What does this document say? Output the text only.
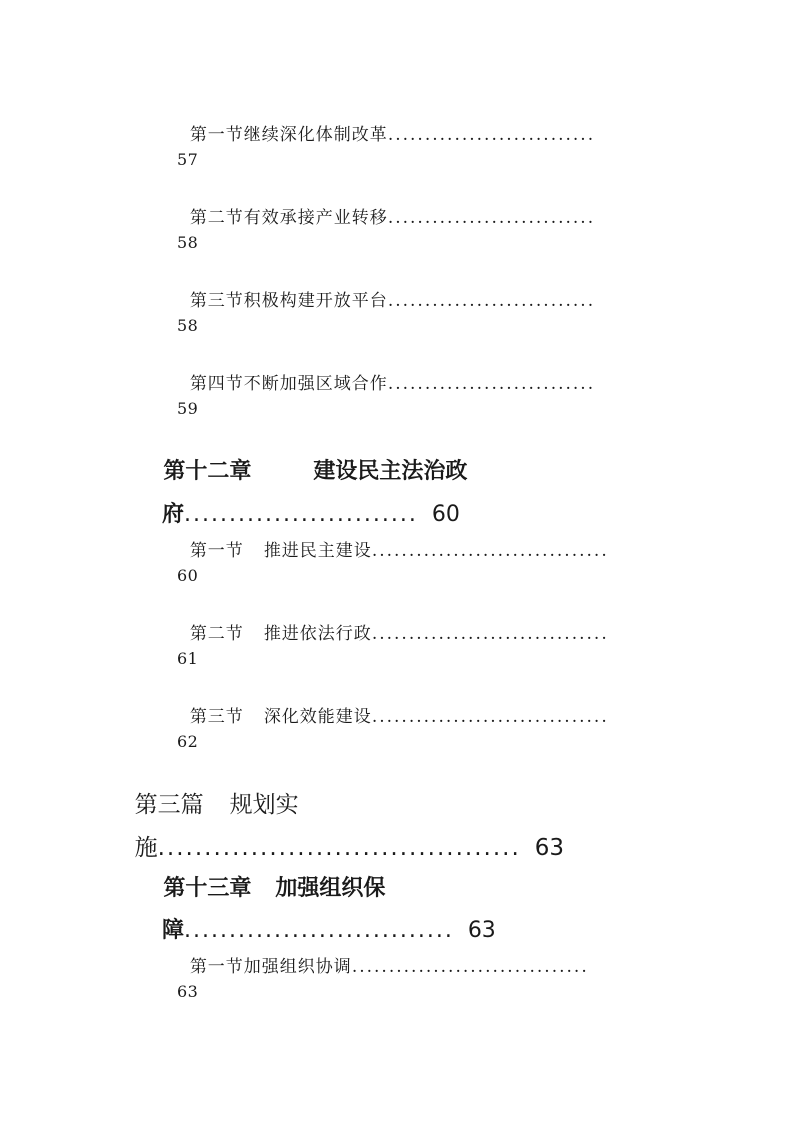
第一节继续深化体制改革............................

57

第二节有效承接产业转移............................

58

第三节积极构建开放平台............................

58

第四节不断加强区域合作............................

59

第十二章	建设民主法治政

府.......................... 60

第一节 推进民主建设................................

60

第二节 推进依法行政................................

61

第三节 深化效能建设................................

62

第三篇 规划实

施....................................... 63

第十三章 加强组织保

障.............................. 63

第一节加强组织协调................................

63
